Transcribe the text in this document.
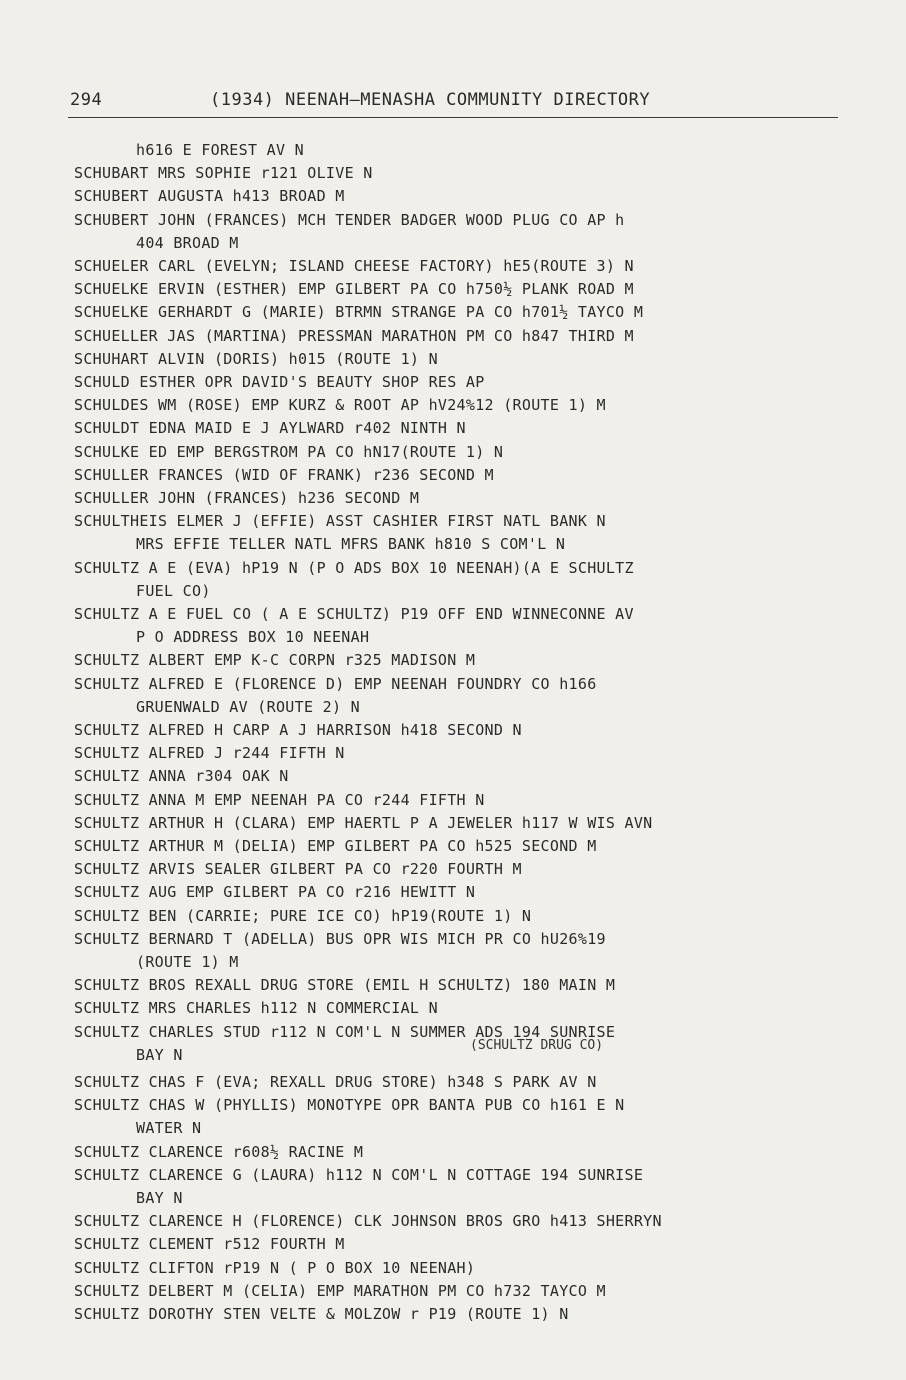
294	(1934) NEENAH—MENASHA COMMUNITY DIRECTORY
h616 E FOREST AV N
SCHUBART MRS SOPHIE r121 OLIVE N
SCHUBERT AUGUSTA h413 BROAD M
SCHUBERT JOHN (FRANCES) MCH TENDER BADGER WOOD PLUG CO AP h
404 BROAD M
SCHUELER CARL (EVELYN; ISLAND CHEESE FACTORY) hE5(ROUTE 3) N
SCHUELKE ERVIN (ESTHER) EMP GILBERT PA CO h750½ PLANK ROAD M
SCHUELKE GERHARDT G (MARIE) BTRMN STRANGE PA CO h701½ TAYCO M
SCHUELLER JAS (MARTINA) PRESSMAN MARATHON PM CO h847 THIRD M
SCHUHART ALVIN (DORIS) h015 (ROUTE 1) N
SCHULD ESTHER OPR DAVID'S BEAUTY SHOP RES AP
SCHULDES WM (ROSE) EMP KURZ & ROOT AP hV24%12 (ROUTE 1) M
SCHULDT EDNA MAID E J AYLWARD r402 NINTH N
SCHULKE ED EMP BERGSTROM PA CO hN17(ROUTE 1) N
SCHULLER FRANCES (WID OF FRANK) r236 SECOND M
SCHULLER JOHN (FRANCES) h236 SECOND M
SCHULTHEIS ELMER J (EFFIE) ASST CASHIER FIRST NATL BANK N
MRS EFFIE TELLER NATL MFRS BANK h810 S COM'L N
SCHULTZ A E (EVA) hP19 N (P O ADS BOX 10 NEENAH)(A E SCHULTZ
FUEL CO)
SCHULTZ A E FUEL CO ( A E SCHULTZ) P19 OFF END WINNECONNE AV
P O ADDRESS BOX 10 NEENAH
SCHULTZ ALBERT EMP K-C CORPN r325 MADISON M
SCHULTZ ALFRED E (FLORENCE D) EMP NEENAH FOUNDRY CO h166
GRUENWALD AV (ROUTE 2) N
SCHULTZ ALFRED H CARP A J HARRISON h418 SECOND N
SCHULTZ ALFRED J r244 FIFTH N
SCHULTZ ANNA r304 OAK N
SCHULTZ ANNA M EMP NEENAH PA CO r244 FIFTH N
SCHULTZ ARTHUR H (CLARA) EMP HAERTL P A JEWELER h117 W WIS AVN
SCHULTZ ARTHUR M (DELIA) EMP GILBERT PA CO h525 SECOND M
SCHULTZ ARVIS SEALER GILBERT PA CO r220 FOURTH M
SCHULTZ AUG EMP GILBERT PA CO r216 HEWITT N
SCHULTZ BEN (CARRIE; PURE ICE CO) hP19(ROUTE 1) N
SCHULTZ BERNARD T (ADELLA) BUS OPR WIS MICH PR CO hU26%19
(ROUTE 1) M
SCHULTZ BROS REXALL DRUG STORE (EMIL H SCHULTZ) 180 MAIN M
SCHULTZ MRS CHARLES h112 N COMMERCIAL N
SCHULTZ CHARLES STUD r112 N COM'L N SUMMER ADS 194 SUNRISE
BAY N
SCHULTZ CHAS F (EVA; REXALL DRUG STORE) h348 S PARK AV N
SCHULTZ CHAS W (PHYLLIS) MONOTYPE OPR BANTA PUB CO h161 E N
WATER N
SCHULTZ CLARENCE r608½ RACINE M
SCHULTZ CLARENCE G (LAURA) h112 N COM'L N COTTAGE 194 SUNRISE
BAY N
SCHULTZ CLARENCE H (FLORENCE) CLK JOHNSON BROS GRO h413 SHERRYN
SCHULTZ CLEMENT r512 FOURTH M
SCHULTZ CLIFTON rP19 N ( P O BOX 10 NEENAH)
SCHULTZ DELBERT M (CELIA) EMP MARATHON PM CO h732 TAYCO M
SCHULTZ DOROTHY STEN VELTE & MOLZOW r P19 (ROUTE 1) N
(SCHULTZ DRUG CO)
